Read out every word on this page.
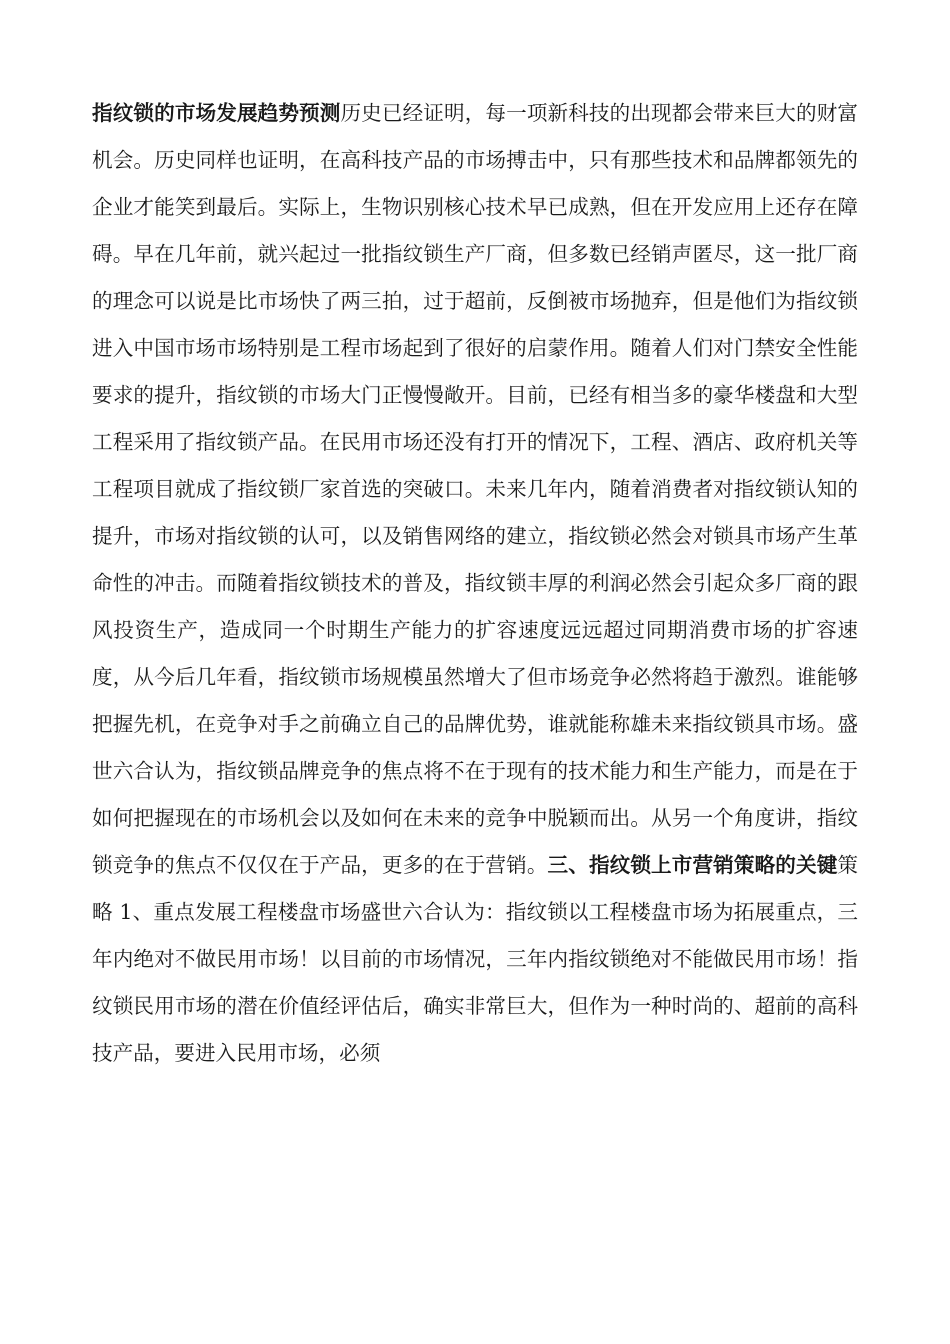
指纹锁的市场发展趋势预测历史已经证明，每一项新科技的出现都会带来巨大的财富机会。历史同样也证明，在高科技产品的市场搏击中，只有那些技术和品牌都领先的企业才能笑到最后。实际上，生物识别核心技术早已成熟，但在开发应用上还存在障碍。早在几年前，就兴起过一批指纹锁生产厂商，但多数已经销声匿尽，这一批厂商的理念可以说是比市场快了两三拍，过于超前，反倒被市场抛弃，但是他们为指纹锁进入中国市场市场特别是工程市场起到了很好的启蒙作用。随着人们对门禁安全性能要求的提升，指纹锁的市场大门正慢慢敞开。目前，已经有相当多的豪华楼盘和大型工程采用了指纹锁产品。在民用市场还没有打开的情况下，工程、酒店、政府机关等工程项目就成了指纹锁厂家首选的突破口。未来几年内，随着消费者对指纹锁认知的提升，市场对指纹锁的认可，以及销售网络的建立，指纹锁必然会对锁具市场产生革命性的冲击。而随着指纹锁技术的普及，指纹锁丰厚的利润必然会引起众多厂商的跟风投资生产，造成同一个时期生产能力的扩容速度远远超过同期消费市场的扩容速度，从今后几年看，指纹锁市场规模虽然增大了但市场竞争必然将趋于激烈。谁能够把握先机，在竞争对手之前确立自己的品牌优势，谁就能称雄未来指纹锁具市场。盛世六合认为，指纹锁品牌竞争的焦点将不在于现有的技术能力和生产能力，而是在于如何把握现在的市场机会以及如何在未来的竞争中脱颖而出。从另一个角度讲，指纹锁竞争的焦点不仅仅在于产品，更多的在于营销。三、指纹锁上市营销策略的关键策略 1、重点发展工程楼盘市场盛世六合认为：指纹锁以工程楼盘市场为拓展重点，三年内绝对不做民用市场！以目前的市场情况，三年内指纹锁绝对不能做民用市场！指纹锁民用市场的潜在价值经评估后，确实非常巨大，但作为一种时尚的、超前的高科技产品，要进入民用市场，必须
